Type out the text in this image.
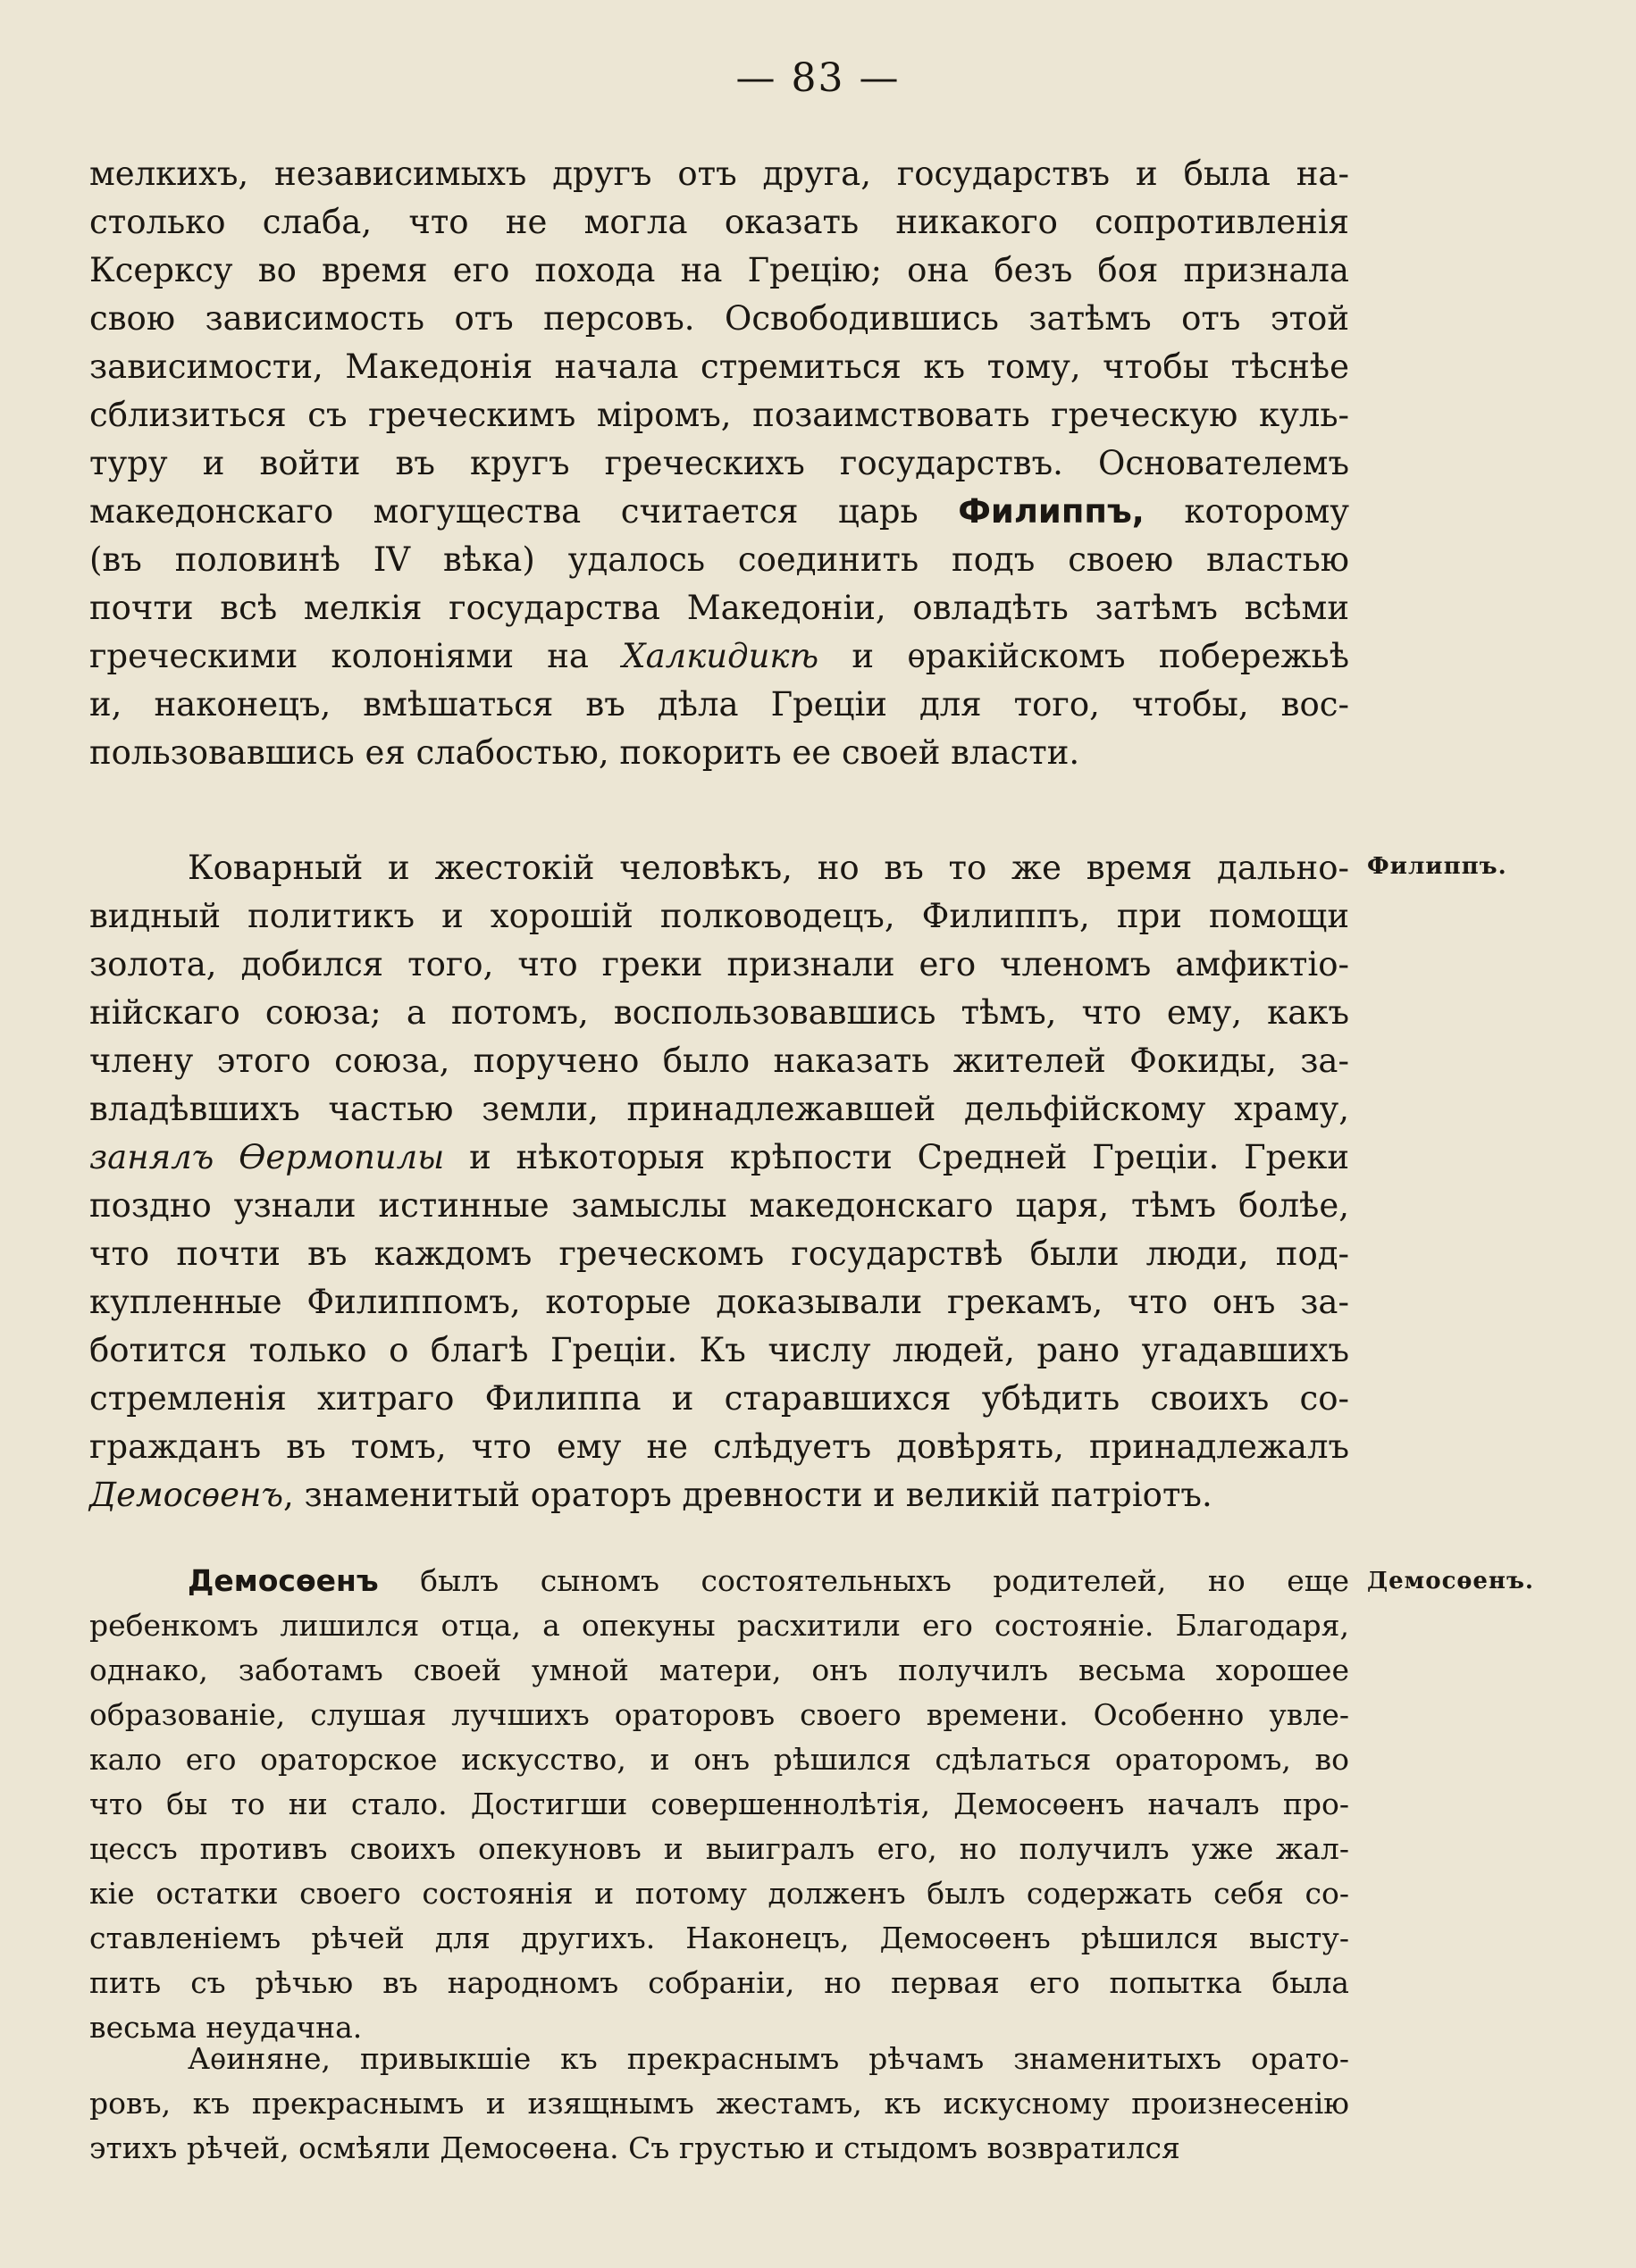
— 83 —
мелкихъ, независимыхъ другъ отъ друга, государствъ и была на-
столько слаба, что не могла оказать никакого сопротивленія
Ксерксу во время его похода на Грецію; она безъ боя признала
свою зависимость отъ персовъ. Освободившись затѣмъ отъ этой
зависимости, Македонія начала стремиться къ тому, чтобы тѣснѣе
сблизиться съ греческимъ міромъ, позаимствовать греческую куль-
туру и войти въ кругъ греческихъ государствъ. Основателемъ
македонскаго могущества считается царь Филиппъ, которому
(въ половинѣ IV вѣка) удалось соединить подъ своею властью
почти всѣ мелкія государства Македоніи, овладѣть затѣмъ всѣми
греческими колоніями на Халкидикѣ и ѳракійскомъ побережьѣ
и, наконецъ, вмѣшаться въ дѣла Греціи для того, чтобы, вос-
пользовавшись ея слабостью, покорить ее своей власти.
Филиппъ.
Коварный и жестокій человѣкъ, но въ то же время дально-
видный политикъ и хорошій полководецъ, Филиппъ, при помощи
золота, добился того, что греки признали его членомъ амфиктіо-
нійскаго союза; а потомъ, воспользовавшись тѣмъ, что ему, какъ
члену этого союза, поручено было наказать жителей Фокиды, за-
владѣвшихъ частью земли, принадлежавшей дельфійскому храму,
занялъ Ѳермопилы и нѣкоторыя крѣпости Средней Греціи. Греки
поздно узнали истинные замыслы македонскаго царя, тѣмъ болѣе,
что почти въ каждомъ греческомъ государствѣ были люди, под-
купленные Филиппомъ, которые доказывали грекамъ, что онъ за-
ботится только о благѣ Греціи. Къ числу людей, рано угадавшихъ
стремленія хитраго Филиппа и старавшихся убѣдить своихъ со-
гражданъ въ томъ, что ему не слѣдуетъ довѣрять, принадлежалъ
Демосѳенъ, знаменитый ораторъ древности и великій патріотъ.
Демосѳенъ.
Демосѳенъ былъ сыномъ состоятельныхъ родителей, но еще
ребенкомъ лишился отца, а опекуны расхитили его состояніе. Благодаря,
однако, заботамъ своей умной матери, онъ получилъ весьма хорошее
образованіе, слушая лучшихъ ораторовъ своего времени. Особенно увле-
кало его ораторское искусство, и онъ рѣшился сдѣлаться ораторомъ, во
что бы то ни стало. Достигши совершеннолѣтія, Демосѳенъ началъ про-
цессъ противъ своихъ опекуновъ и выигралъ его, но получилъ уже жал-
кіе остатки своего состоянія и потому долженъ былъ содержать себя со-
ставленіемъ рѣчей для другихъ. Наконецъ, Демосѳенъ рѣшился высту-
пить съ рѣчью въ народномъ собраніи, но первая его попытка была
весьма неудачна.
Аѳиняне, привыкшіе къ прекраснымъ рѣчамъ знаменитыхъ орато-
ровъ, къ прекраснымъ и изящнымъ жестамъ, къ искусному произнесенію
этихъ рѣчей, осмѣяли Демосѳена. Съ грустью и стыдомъ возвратился
